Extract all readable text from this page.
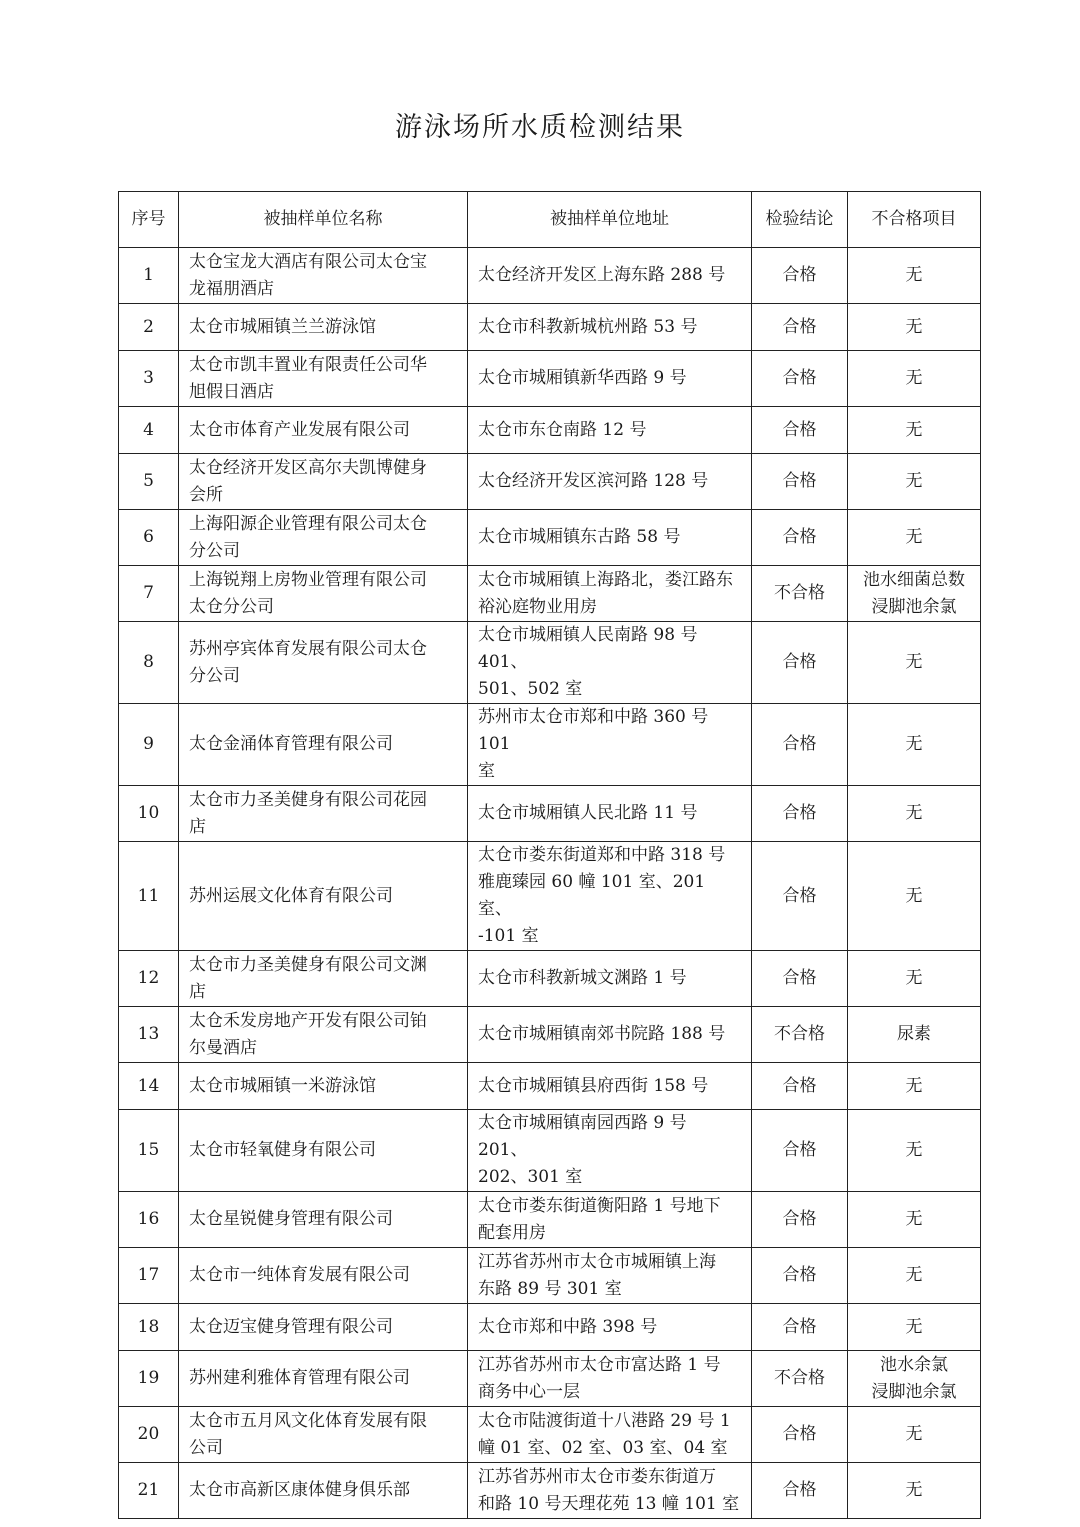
游泳场所水质检测结果
序号	被抽样单位名称	被抽样单位地址	检验结论	不合格项目
1	太仓宝龙大酒店有限公司太仓宝
龙福朋酒店	太仓经济开发区上海东路 288 号	合格	无
2	太仓市城厢镇兰兰游泳馆	太仓市科教新城杭州路 53 号	合格	无
3	太仓市凯丰置业有限责任公司华
旭假日酒店	太仓市城厢镇新华西路 9 号	合格	无
4	太仓市体育产业发展有限公司	太仓市东仓南路 12 号	合格	无
5	太仓经济开发区高尔夫凯博健身
会所	太仓经济开发区滨河路 128 号	合格	无
6	上海阳源企业管理有限公司太仓
分公司	太仓市城厢镇东古路 58 号	合格	无
7	上海锐翔上房物业管理有限公司
太仓分公司	太仓市城厢镇上海路北，娄江路东
裕沁庭物业用房	不合格	池水细菌总数
浸脚池余氯
8	苏州亭宾体育发展有限公司太仓
分公司	太仓市城厢镇人民南路 98 号 401、
501、502 室	合格	无
9	太仓金涌体育管理有限公司	苏州市太仓市郑和中路 360 号 101
室	合格	无
10	太仓市力圣美健身有限公司花园
店	太仓市城厢镇人民北路 11 号	合格	无
11	苏州运展文化体育有限公司	太仓市娄东街道郑和中路 318 号
雅鹿臻园 60 幢 101 室、201 室、
-101 室	合格	无
12	太仓市力圣美健身有限公司文渊
店	太仓市科教新城文渊路 1 号	合格	无
13	太仓禾发房地产开发有限公司铂
尔曼酒店	太仓市城厢镇南郊书院路 188 号	不合格	尿素
14	太仓市城厢镇一米游泳馆	太仓市城厢镇县府西街 158 号	合格	无
15	太仓市轻氧健身有限公司	太仓市城厢镇南园西路 9 号 201、
202、301 室	合格	无
16	太仓星锐健身管理有限公司	太仓市娄东街道衡阳路 1 号地下
配套用房	合格	无
17	太仓市一纯体育发展有限公司	江苏省苏州市太仓市城厢镇上海
东路 89 号 301 室	合格	无
18	太仓迈宝健身管理有限公司	太仓市郑和中路 398 号	合格	无
19	苏州建利雅体育管理有限公司	江苏省苏州市太仓市富达路 1 号
商务中心一层	不合格	池水余氯
浸脚池余氯
20	太仓市五月风文化体育发展有限
公司	太仓市陆渡街道十八港路 29 号 1
幢 01 室、02 室、03 室、04 室	合格	无
21	太仓市高新区康体健身俱乐部	江苏省苏州市太仓市娄东街道万
和路 10 号天理花苑 13 幢 101 室	合格	无
